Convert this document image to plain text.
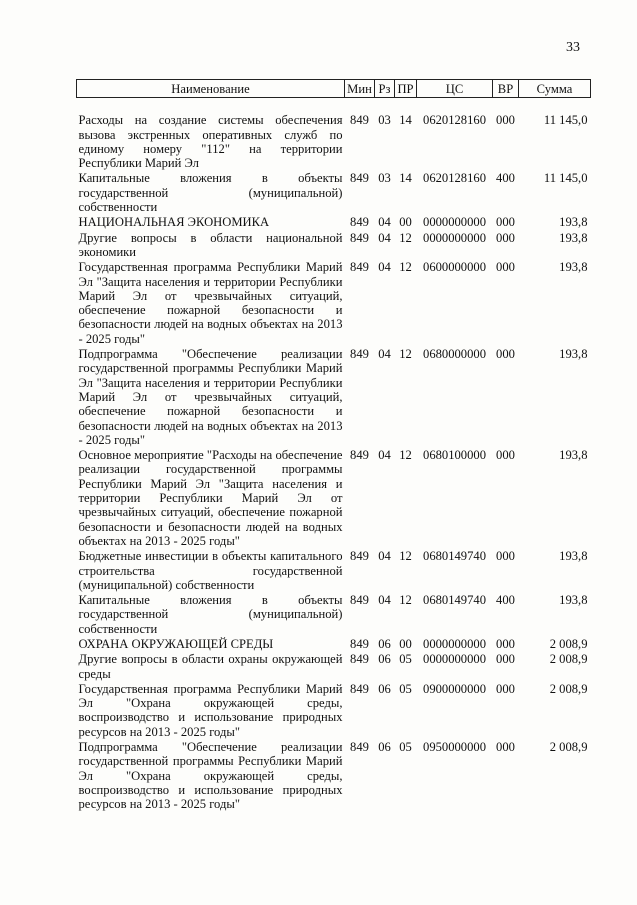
33
Наименование	Мин	Рз	ПР	ЦС	ВР	Сумма

Расходы на создание системы обеспечения вызова экстренных оперативных служб по единому номеру "112" на территории Республики Марий Эл	849	03	14	0620128160	000	11 145,0
Капитальные вложения в объекты государственной (муниципальной) собственности	849	03	14	0620128160	400	11 145,0
НАЦИОНАЛЬНАЯ ЭКОНОМИКА	849	04	00	0000000000	000	193,8
Другие вопросы в области национальной экономики	849	04	12	0000000000	000	193,8
Государственная программа Республики Марий Эл "Защита населения и территории Республики Марий Эл от чрезвычайных ситуаций, обеспечение пожарной безопасности и безопасности людей на водных объектах на 2013 - 2025 годы"	849	04	12	0600000000	000	193,8
Подпрограмма "Обеспечение реализации государственной программы Республики Марий Эл "Защита населения и территории Республики Марий Эл от чрезвычайных ситуаций, обеспечение пожарной безопасности и безопасности людей на водных объектах на 2013 - 2025 годы"	849	04	12	0680000000	000	193,8
Основное мероприятие "Расходы на обеспечение реализации государственной программы Республики Марий Эл "Защита населения и территории Республики Марий Эл от чрезвычайных ситуаций, обеспечение пожарной безопасности и безопасности людей на водных объектах на 2013 - 2025 годы"	849	04	12	0680100000	000	193,8
Бюджетные инвестиции в объекты капитального строительства государственной (муниципальной) собственности	849	04	12	0680149740	000	193,8
Капитальные вложения в объекты государственной (муниципальной) собственности	849	04	12	0680149740	400	193,8
ОХРАНА ОКРУЖАЮЩЕЙ СРЕДЫ	849	06	00	0000000000	000	2 008,9
Другие вопросы в области охраны окружающей среды	849	06	05	0000000000	000	2 008,9
Государственная программа Республики Марий Эл "Охрана окружающей среды, воспроизводство и использование природных ресурсов на 2013 - 2025 годы"	849	06	05	0900000000	000	2 008,9
Подпрограмма "Обеспечение реализации государственной программы Республики Марий Эл "Охрана окружающей среды, воспроизводство и использование природных ресурсов на 2013 - 2025 годы"	849	06	05	0950000000	000	2 008,9
